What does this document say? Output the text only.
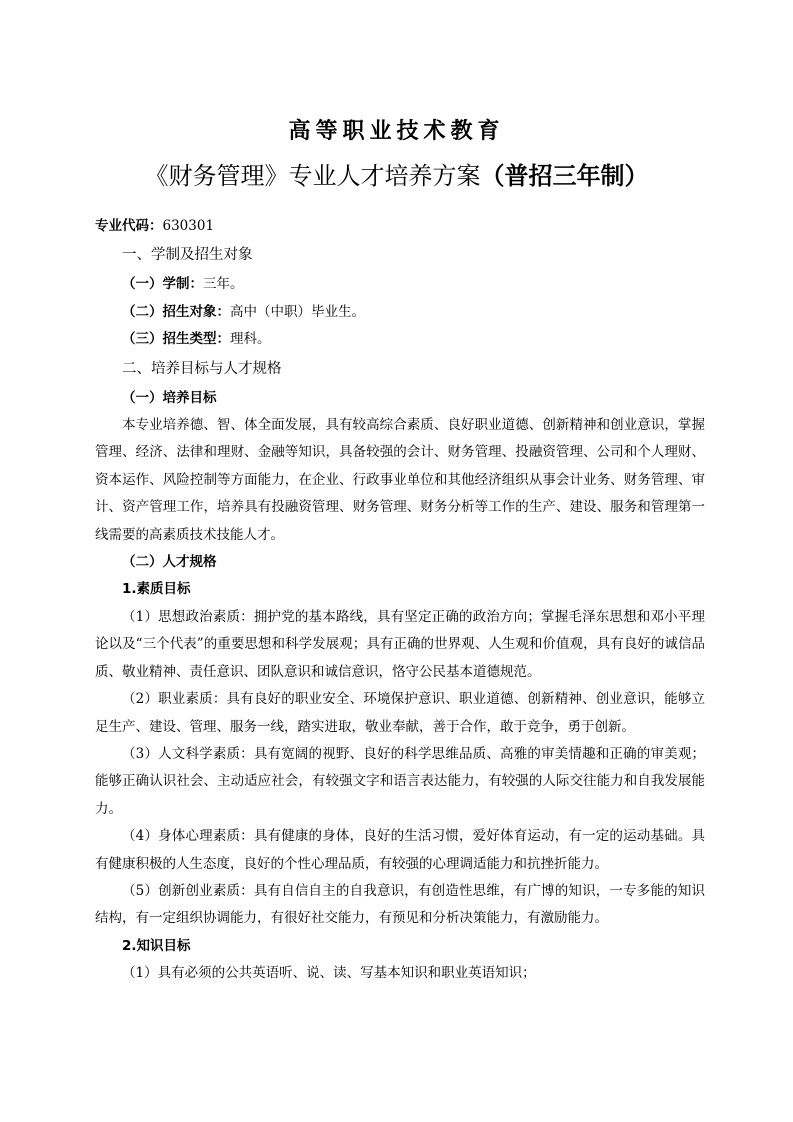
高等职业技术教育
《财务管理》专业人才培养方案（普招三年制）

专业代码：630301

一、学制及招生对象

（一）学制：三年。

（二）招生对象：高中（中职）毕业生。

（三）招生类型：理科。

二、培养目标与人才规格

（一）培养目标

本专业培养德、智、体全面发展，具有较高综合素质、良好职业道德、创新精神和创业意识，掌握管理、经济、法律和理财、金融等知识，具备较强的会计、财务管理、投融资管理、公司和个人理财、资本运作、风险控制等方面能力，在企业、行政事业单位和其他经济组织从事会计业务、财务管理、审计、资产管理工作，培养具有投融资管理、财务管理、财务分析等工作的生产、建设、服务和管理第一线需要的高素质技术技能人才。

（二）人才规格

1.素质目标

（1）思想政治素质：拥护党的基本路线，具有坚定正确的政治方向；掌握毛泽东思想和邓小平理论以及“三个代表”的重要思想和科学发展观；具有正确的世界观、人生观和价值观，具有良好的诚信品质、敬业精神、责任意识、团队意识和诚信意识，恪守公民基本道德规范。

（2）职业素质：具有良好的职业安全、环境保护意识、职业道德、创新精神、创业意识，能够立足生产、建设、管理、服务一线，踏实进取，敬业奉献，善于合作，敢于竞争，勇于创新。

（3）人文科学素质：具有宽阔的视野、良好的科学思维品质、高雅的审美情趣和正确的审美观；能够正确认识社会、主动适应社会，有较强文字和语言表达能力，有较强的人际交往能力和自我发展能力。

（4）身体心理素质：具有健康的身体，良好的生活习惯，爱好体育运动，有一定的运动基础。具有健康积极的人生态度，良好的个性心理品质，有较强的心理调适能力和抗挫折能力。

（5）创新创业素质：具有自信自主的自我意识，有创造性思维，有广博的知识，一专多能的知识结构，有一定组织协调能力，有很好社交能力，有预见和分析决策能力，有激励能力。

2.知识目标

（1）具有必须的公共英语听、说、读、写基本知识和职业英语知识；
